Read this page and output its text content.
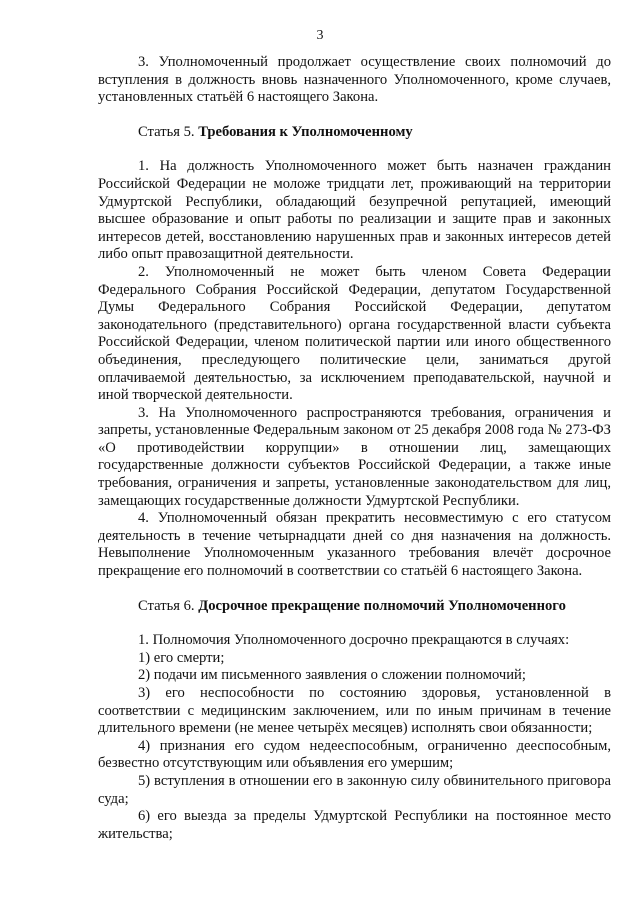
3

3. Уполномоченный продолжает осуществление своих полномочий до вступления в должность вновь назначенного Уполномоченного, кроме случаев, установленных статьёй 6 настоящего Закона.

Статья 5. Требования к Уполномоченному

1. На должность Уполномоченного может быть назначен гражданин Российской Федерации не моложе тридцати лет, проживающий на территории Удмуртской Республики, обладающий безупречной репутацией, имеющий высшее образование и опыт работы по реализации и защите прав и законных интересов детей, восстановлению нарушенных прав и законных интересов детей либо опыт правозащитной деятельности.

2. Уполномоченный не может быть членом Совета Федерации Федерального Собрания Российской Федерации, депутатом Государственной Думы Федерального Собрания Российской Федерации, депутатом законодательного (представительного) органа государственной власти субъекта Российской Федерации, членом политической партии или иного общественного объединения, преследующего политические цели, заниматься другой оплачиваемой деятельностью, за исключением преподавательской, научной и иной творческой деятельности.

3. На Уполномоченного распространяются требования, ограничения и запреты, установленные Федеральным законом от 25 декабря 2008 года № 273-ФЗ «О противодействии коррупции» в отношении лиц, замещающих государственные должности субъектов Российской Федерации, а также иные требования, ограничения и запреты, установленные законодательством для лиц, замещающих государственные должности Удмуртской Республики.

4. Уполномоченный обязан прекратить несовместимую с его статусом деятельность в течение четырнадцати дней со дня назначения на должность. Невыполнение Уполномоченным указанного требования влечёт досрочное прекращение его полномочий в соответствии со статьёй 6 настоящего Закона.

Статья 6. Досрочное прекращение полномочий Уполномоченного

1. Полномочия Уполномоченного досрочно прекращаются в случаях:

1) его смерти;

2) подачи им письменного заявления о сложении полномочий;

3) его неспособности по состоянию здоровья, установленной в соответствии с медицинским заключением, или по иным причинам в течение длительного времени (не менее четырёх месяцев) исполнять свои обязанности;

4) признания его судом недееспособным, ограниченно дееспособным, безвестно отсутствующим или объявления его умершим;

5) вступления в отношении его в законную силу обвинительного приговора суда;

6) его выезда за пределы Удмуртской Республики на постоянное место жительства;
